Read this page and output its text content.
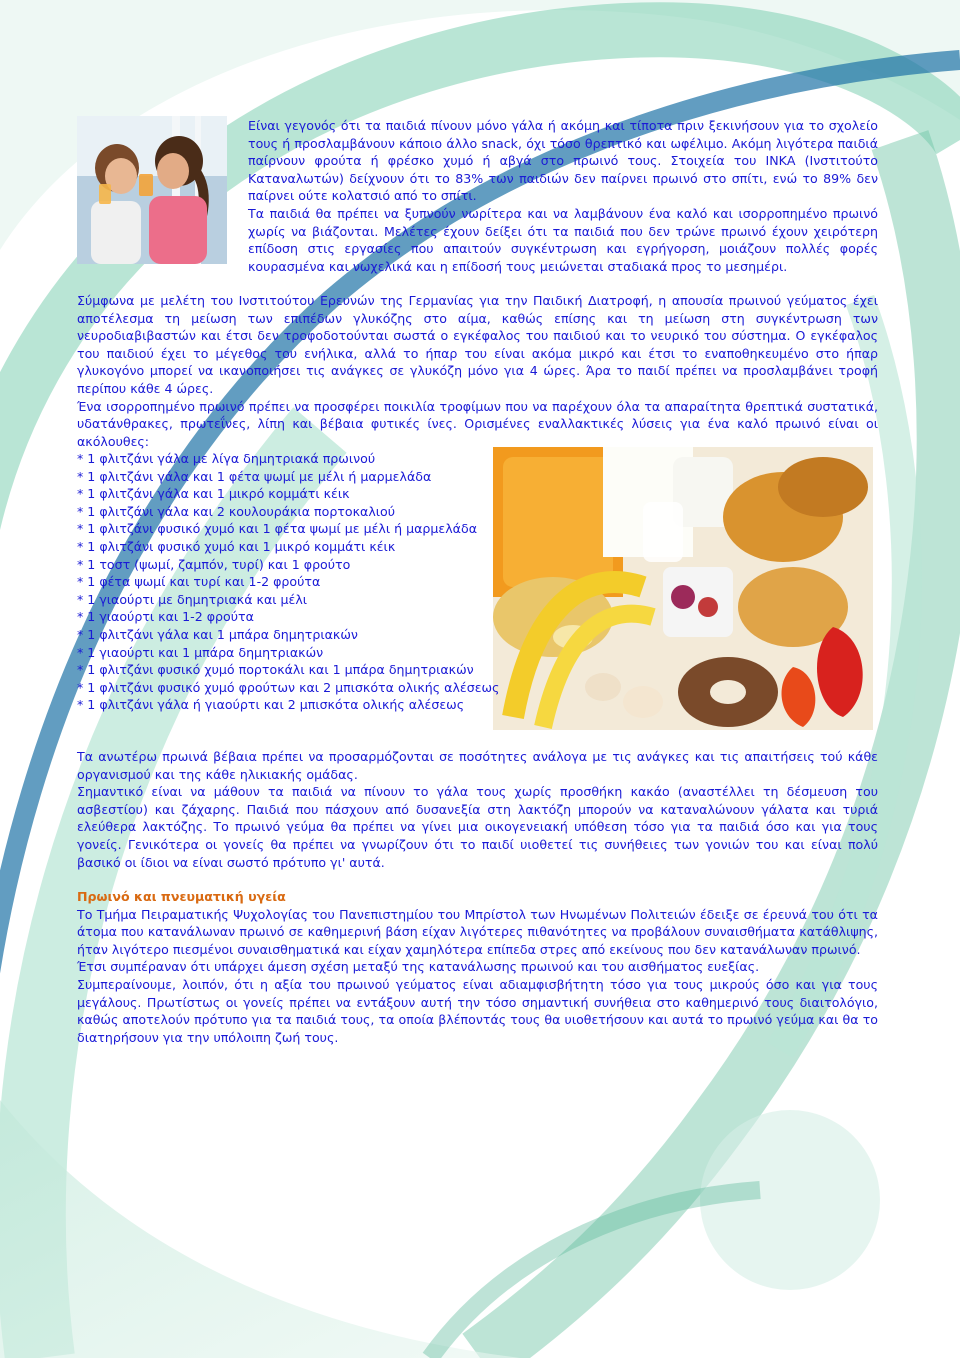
Είναι γεγονός ότι τα παιδιά πίνουν μόνο γάλα ή ακόμη και τίποτα πριν ξεκινήσουν για το σχολείο τους ή προσλαμβάνουν κάποιο άλλο snack, όχι τόσο θρεπτικό και ωφέλιμο. Ακόμη λιγότερα παιδιά παίρνουν φρούτα ή φρέσκο χυμό ή αβγά στο πρωινό τους. Στοιχεία του ΙΝΚΑ (Ινστιτούτο Καταναλωτών) δείχνουν ότι το 83% των παιδιών δεν παίρνει πρωινό στο σπίτι, ενώ το 89% δεν παίρνει ούτε κολατσιό από το σπίτι.

Τα παιδιά θα πρέπει να ξυπνούν νωρίτερα και να λαμβάνουν ένα καλό και ισορροπημένο πρωινό χωρίς να βιάζονται. Μελέτες έχουν δείξει ότι τα παιδιά που δεν τρώνε πρωινό έχουν χειρότερη επίδοση στις εργασίες που απαιτούν συγκέντρωση και εγρήγορση, μοιάζουν πολλές φορές κουρασμένα και νωχελικά και η επίδοσή τους μειώνεται σταδιακά προς το μεσημέρι.

Σύμφωνα με μελέτη του Ινστιτούτου Ερευνών της Γερμανίας για την Παιδική Διατροφή, η απουσία πρωινού γεύματος έχει αποτέλεσμα τη μείωση των επιπέδων γλυκόζης στο αίμα, καθώς επίσης και τη μείωση στη συγκέντρωση των νευροδιαβιβαστών και έτσι δεν τροφοδοτούνται σωστά ο εγκέφαλος του παιδιού και το νευρικό του σύστημα. Ο εγκέφαλος του παιδιού έχει το μέγεθος του ενήλικα, αλλά το ήπαρ του είναι ακόμα μικρό και έτσι το εναποθηκευμένο στο ήπαρ γλυκογόνο μπορεί να ικανοποιήσει τις ανάγκες σε γλυκόζη μόνο για 4 ώρες. Άρα το παιδί πρέπει να προσλαμβάνει τροφή περίπου κάθε 4 ώρες.

Ένα ισορροπημένο πρωινό πρέπει να προσφέρει ποικιλία τροφίμων που να παρέχουν όλα τα απαραίτητα θρεπτικά συστατικά, υδατάνθρακες, πρωτεΐνες, λίπη και βέβαια φυτικές ίνες. Ορισμένες εναλλακτικές λύσεις για ένα καλό πρωινό είναι οι ακόλουθες:

* 1 φλιτζάνι γάλα με λίγα δημητριακά πρωινού
* 1 φλιτζάνι γάλα και 1 φέτα ψωμί με μέλι ή μαρμελάδα
* 1 φλιτζάνι γάλα και 1 μικρό κομμάτι κέικ
* 1 φλιτζάνι γάλα και 2 κουλουράκια πορτοκαλιού
* 1 φλιτζάνι φυσικό χυμό και 1 φέτα ψωμί με μέλι ή μαρμελάδα
* 1 φλιτζάνι φυσικό χυμό και 1 μικρό κομμάτι κέικ
* 1 τοστ (ψωμί, ζαμπόν, τυρί) και 1 φρούτο
* 1 φέτα ψωμί και τυρί και 1-2 φρούτα
* 1 γιαούρτι με δημητριακά και μέλι
* 1 γιαούρτι και 1-2 φρούτα
* 1 φλιτζάνι γάλα και 1 μπάρα δημητριακών
* 1 γιαούρτι και 1 μπάρα δημητριακών
* 1 φλιτζάνι φυσικό χυμό πορτοκάλι και 1 μπάρα δημητριακών
* 1 φλιτζάνι φυσικό χυμό φρούτων και 2 μπισκότα ολικής αλέσεως
* 1 φλιτζάνι γάλα ή γιαούρτι και 2 μπισκότα ολικής αλέσεως

Τα ανωτέρω πρωινά βέβαια πρέπει να προσαρμόζονται σε ποσότητες ανάλογα με τις ανάγκες και τις απαιτήσεις τού κάθε οργανισμού και της κάθε ηλικιακής ομάδας.

Σημαντικό είναι να μάθουν τα παιδιά να πίνουν το γάλα τους χωρίς προσθήκη κακάο (αναστέλλει τη δέσμευση του ασβεστίου) και ζάχαρης. Παιδιά που πάσχουν από δυσανεξία στη λακτόζη μπορούν να καταναλώνουν γάλατα και τυριά ελεύθερα λακτόζης. Το πρωινό γεύμα θα πρέπει να γίνει μια οικογενειακή υπόθεση τόσο για τα παιδιά όσο και για τους γονείς. Γενικότερα οι γονείς θα πρέπει να γνωρίζουν ότι το παιδί υιοθετεί τις συνήθειες των γονιών του και είναι πολύ βασικό οι ίδιοι να είναι σωστό πρότυπο γι' αυτά.

Πρωινό και πνευματική υγεία

Το Τμήμα Πειραματικής Ψυχολογίας του Πανεπιστημίου του Μπρίστολ των Ηνωμένων Πολιτειών έδειξε σε έρευνά του ότι τα άτομα που κατανάλωναν πρωινό σε καθημερινή βάση είχαν λιγότερες πιθανότητες να προβάλουν συναισθήματα κατάθλιψης, ήταν λιγότερο πιεσμένοι συναισθηματικά και είχαν χαμηλότερα επίπεδα στρες από εκείνους που δεν κατανάλωναν πρωινό.

Έτσι συμπέραναν ότι υπάρχει άμεση σχέση μεταξύ της κατανάλωσης πρωινού και του αισθήματος ευεξίας.

Συμπεραίνουμε, λοιπόν, ότι η αξία του πρωινού γεύματος είναι αδιαμφισβήτητη τόσο για τους μικρούς όσο και για τους μεγάλους. Πρωτίστως οι γονείς πρέπει να εντάξουν αυτή την τόσο σημαντική συνήθεια στο καθημερινό τους διαιτολόγιο, καθώς αποτελούν πρότυπο για τα παιδιά τους, τα οποία βλέποντάς τους θα υιοθετήσουν και αυτά το πρωινό γεύμα και θα το διατηρήσουν για την υπόλοιπη ζωή τους.
